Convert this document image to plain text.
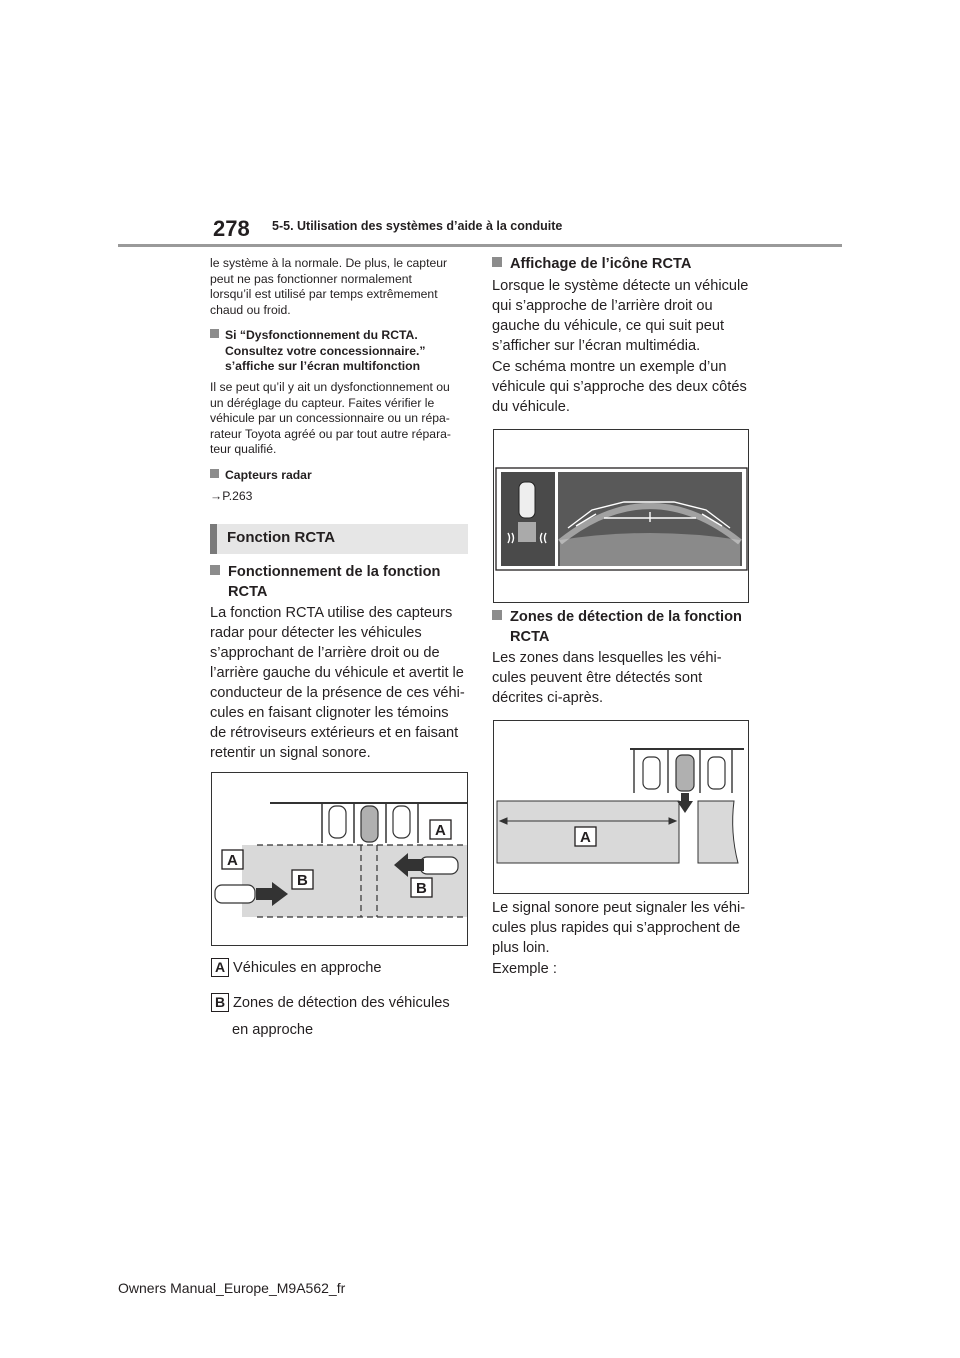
278 5-5. Utilisation des systèmes d’aide à la conduite
le système à la normale. De plus, le capteur
peut ne pas fonctionner normalement
lorsqu’il est utilisé par temps extrêmement
chaud ou froid.
Si “Dysfonctionnement du RCTA.
Consultez votre concessionnaire.”
s’affiche sur l’écran multifonction
Il se peut qu’il y ait un dysfonctionnement ou
un déréglage du capteur. Faites vérifier le
véhicule par un concessionnaire ou un répa-
rateur Toyota agréé ou par tout autre répara-
teur qualifié.
Capteurs radar
→P.263
Fonction RCTA
Fonctionnement de la fonction
RCTA
La fonction RCTA utilise des capteurs
radar pour détecter les véhicules
s’approchant de l’arrière droit ou de
l’arrière gauche du véhicule et avertit le
conducteur de la présence de ces véhi-
cules en faisant clignoter les témoins
de rétroviseurs extérieurs et en faisant
retentir un signal sonore.
A
A
B	B
A Véhicules en approche
B Zones de détection des véhicules
en approche
Affichage de l’icône RCTA
Lorsque le système détecte un véhicule
qui s’approche de l’arrière droit ou
gauche du véhicule, ce qui suit peut
s’afficher sur l’écran multimédia.
Ce schéma montre un exemple d’un
véhicule qui s’approche des deux côtés
du véhicule.
Zones de détection de la fonction
RCTA
Les zones dans lesquelles les véhi-
cules peuvent être détectés sont
décrites ci-après.
A
Le signal sonore peut signaler les véhi-
cules plus rapides qui s’approchent de
plus loin.
Exemple :
Owners Manual_Europe_M9A562_fr
